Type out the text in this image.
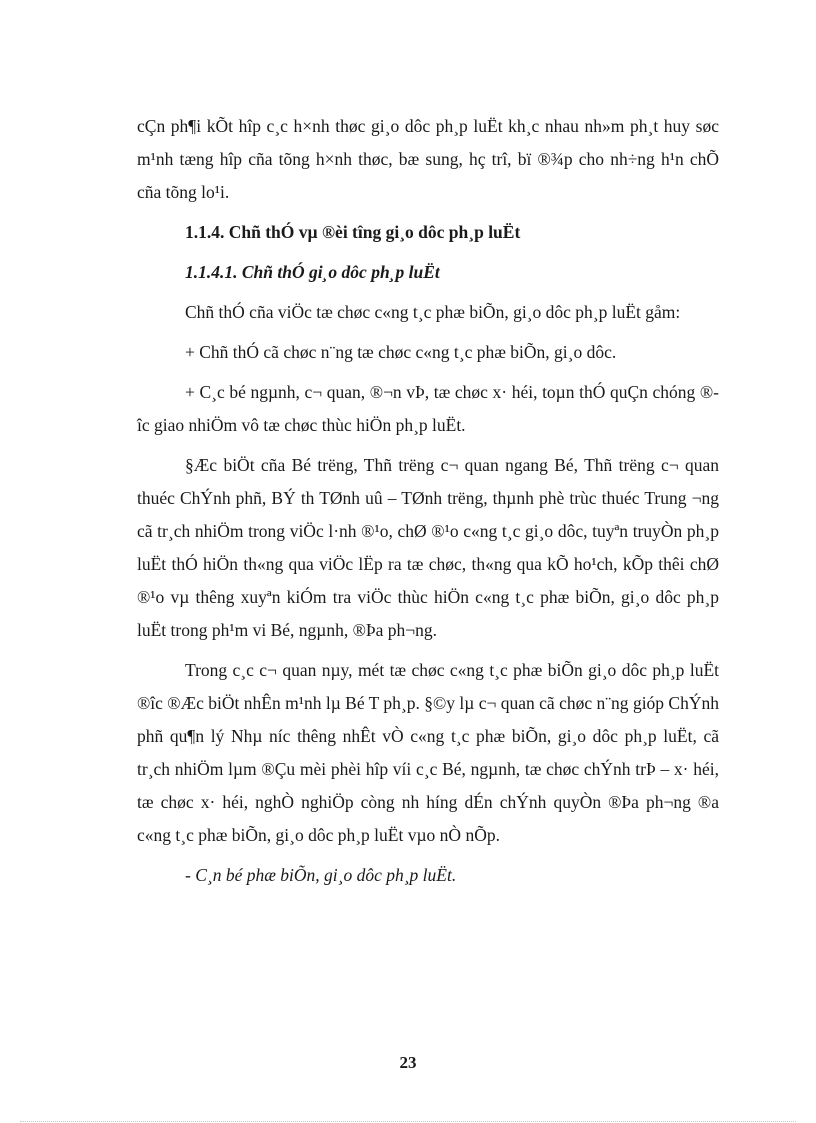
cÇn ph¶i kÕt hîp c¸c h×nh thøc gi¸o dôc ph¸p luËt kh¸c nhau nh»m ph¸t huy søc m¹nh tæng hîp cña tõng h×nh thøc, bæ sung, hç trî, bï ®¾p cho nh÷ng h¹n chÕ cña tõng lo¹i.

1.1.4. Chñ thÓ vµ ®èi tîng gi¸o dôc ph¸p luËt

1.1.4.1. Chñ thÓ gi¸o dôc ph¸p luËt

Chñ thÓ cña viÖc tæ chøc c«ng t¸c phæ biÕn, gi¸o dôc ph¸p luËt gåm:

+ Chñ thÓ cã chøc n¨ng tæ chøc c«ng t¸c phæ biÕn, gi¸o dôc.

+ C¸c bé ngµnh, c¬ quan, ®¬n vÞ, tæ chøc x· héi, toµn thÓ quÇn chóng ®îc giao nhiÖm vô tæ chøc thùc hiÖn ph¸p luËt.

§Æc biÖt cña Bé trëng, Thñ trëng c¬ quan ngang Bé, Thñ trëng c¬ quan thuéc ChÝnh phñ, BÝ th TØnh uû – TØnh trëng, thµnh phè trùc thuéc Trung ¬ng cã tr¸ch nhiÖm trong viÖc l·nh ®¹o, chØ ®¹o c«ng t¸c gi¸o dôc, tuyªn truyÒn ph¸p luËt thÓ hiÖn th«ng qua viÖc lËp ra tæ chøc, th«ng qua kÕ ho¹ch, kÕp thêi chØ ®¹o vµ thêng xuyªn kiÓm tra viÖc thùc hiÖn c«ng t¸c phæ biÕn, gi¸o dôc ph¸p luËt trong ph¹m vi Bé, ngµnh, ®Þa ph¬ng.

Trong c¸c c¬ quan nµy, mét tæ chøc c«ng t¸c phæ biÕn gi¸o dôc ph¸p luËt ®îc ®Æc biÖt nhÊn m¹nh lµ Bé T ph¸p. §©y lµ c¬ quan cã chøc n¨ng gióp ChÝnh phñ qu¶n lý Nhµ níc thêng nhÊt vÒ c«ng t¸c phæ biÕn, gi¸o dôc ph¸p luËt, cã tr¸ch nhiÖm lµm ®Çu mèi phèi hîp víi c¸c Bé, ngµnh, tæ chøc chÝnh trÞ – x· héi, tæ chøc x· héi, nghÒ nghiÖp còng nh híng dÉn chÝnh quyÒn ®Þa ph¬ng ®a c«ng t¸c phæ biÕn, gi¸o dôc ph¸p luËt vµo nÒ nÕp.

- C¸n bé phæ biÕn, gi¸o dôc ph¸p luËt.

23
